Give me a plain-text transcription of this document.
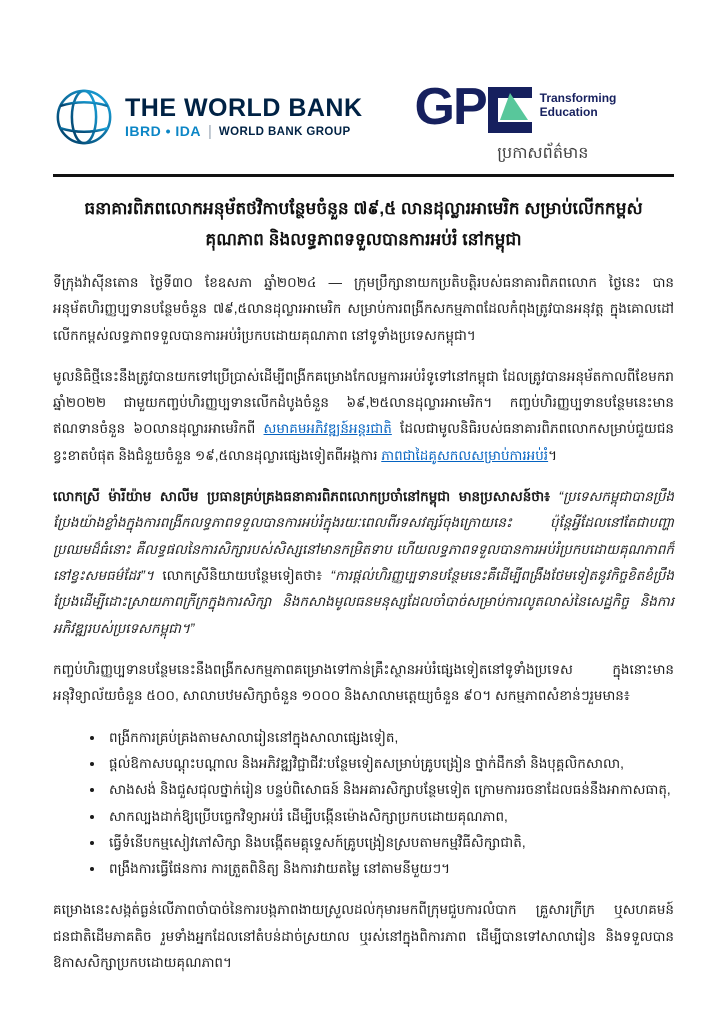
THE WORLD BANK
IBRD • IDA | WORLD BANK GROUP GP	Transforming
Education
ប្រកាសព័ត៌មាន
ធនាគារពិភពលោកអនុម័តថវិកាបន្ថែមចំនួន ៧៩,៥ លានដុល្លារអាមេរិក សម្រាប់លើកកម្ពស់គុណភាព និងលទ្ធភាពទទួលបានការអប់រំ នៅកម្ពុជា

ទីក្រុងវ៉ាស៊ីនតោន ថ្ងៃទី៣០ ខែឧសភា ឆ្នាំ២០២៤ — ក្រុមប្រឹក្សានាយកប្រតិបត្តិរបស់ធនាគារពិភពលោក ថ្ងៃនេះ បានអនុម័តហិរញ្ញប្បទានបន្ថែមចំនួន ៧៩,៥លានដុល្លារអាមេរិក សម្រាប់ការពង្រីកសកម្មភាពដែលកំពុងត្រូវបានអនុវត្ត ក្នុងគោលដៅលើកកម្ពស់លទ្ធភាពទទួលបានការអប់រំប្រកបដោយគុណភាព នៅទូទាំងប្រទេសកម្ពុជា។

មូលនិធិថ្មីនេះនឹងត្រូវបានយកទៅប្រើប្រាស់ដើម្បីពង្រីកគម្រោងកែលម្អការអប់រំទូទៅនៅកម្ពុជា ដែលត្រូវបានអនុម័តកាលពីខែមករា ឆ្នាំ២០២២ ជាមួយកញ្ចប់ហិរញ្ញប្បទានលើកដំបូងចំនួន ៦៩,២៥លានដុល្លារអាមេរិក។ កញ្ចប់ហិរញ្ញប្បទានបន្ថែមនេះមានឥណទានចំនួន ៦០លានដុល្លារអាមេរិកពី សមាគមអភិវឌ្ឍន៍អន្តរជាតិ ដែលជាមូលនិធិរបស់ធនាគារពិភពលោកសម្រាប់ជួយជនខ្វះខាតបំផុត និងជំនួយចំនួន ១៩,៥លានដុល្លារផ្សេងទៀតពីអង្គការ ភាពជាដៃគូសកលសម្រាប់ការអប់រំ។

លោកស្រី ម៉ារីយ៉ាម សាលីម ប្រធានគ្រប់គ្រងធនាគារពិភពលោកប្រចាំនៅកម្ពុជា មានប្រសាសន៍ថា៖ “ប្រទេសកម្ពុជាបានប្រឹងប្រែងយ៉ាងខ្លាំងក្នុងការពង្រីកលទ្ធភាពទទួលបានការអប់រំក្នុងរយៈពេលពីរទសវត្សរ៍ចុងក្រោយនេះ ប៉ុន្តែអ្វីដែលនៅតែជាបញ្ហាប្រឈមដ៏ធំនោះ គឺលទ្ធផលនៃការសិក្សារបស់សិស្សនៅមានកម្រិតទាប ហើយលទ្ធភាពទទួលបានការអប់រំប្រកបដោយគុណភាពក៏នៅខ្វះសមធម៌ដែរ”។ លោកស្រីនិយាយបន្ថែមទៀតថា៖ “ការផ្តល់ហិរញ្ញប្បទានបន្ថែមនេះគឺដើម្បីពង្រឹងថែមទៀតនូវកិច្ចខិតខំប្រឹងប្រែងដើម្បីដោះស្រាយភាពក្រីក្រក្នុងការសិក្សា និងកសាងមូលធនមនុស្សដែលចាំបាច់សម្រាប់ការលូតលាស់នៃសេដ្ឋកិច្ច និងការអភិវឌ្ឍរបស់ប្រទេសកម្ពុជា។”

កញ្ចប់ហិរញ្ញប្បទានបន្ថែមនេះនឹងពង្រីកសកម្មភាពគម្រោងទៅកាន់គ្រឹះស្ថានអប់រំផ្សេងទៀតនៅទូទាំងប្រទេស ក្នុងនោះមាន អនុវិទ្យាល័យចំនួន ៥០០, សាលាបឋមសិក្សាចំនួន ១០០០ និងសាលាមត្តេយ្យចំនួន ៩០។ សកម្មភាពសំខាន់ៗរួមមាន៖

• ពង្រីកការគ្រប់គ្រងតាមសាលារៀននៅក្នុងសាលាផ្សេងទៀត,
• ផ្តល់ឱកាសបណ្តុះបណ្តាល និងអភិវឌ្ឍវិជ្ជាជីវៈបន្ថែមទៀតសម្រាប់គ្រូបង្រៀន ថ្នាក់ដឹកនាំ និងបុគ្គលិកសាលា,
• សាងសង់ និងជួសជុលថ្នាក់រៀន បន្ទប់ពិសោធន៍ និងអគារសិក្សាបន្ថែមទៀត ក្រោមការរចនាដែលធន់នឹងអាកាសធាតុ,
• សាកល្បងដាក់ឱ្យប្រើបច្ចេកវិទ្យាអប់រំ ដើម្បីបង្កើនម៉ោងសិក្សាប្រកបដោយគុណភាព,
• ធ្វើទំនើបកម្មសៀវភៅសិក្សា និងបង្កើតមគ្គុទ្ទេសក៍គ្រូបង្រៀនស្របតាមកម្មវិធីសិក្សាជាតិ,
• ពង្រឹងការធ្វើផែនការ ការត្រួតពិនិត្យ និងការវាយតម្លៃ នៅតាមនីមួយៗ។

គម្រោងនេះសង្កត់ធ្ងន់លើភាពចាំបាច់នៃការបង្កភាពងាយស្រួលដល់កុមារមកពីក្រុមជួបការលំបាក គ្រួសារក្រីក្រ ឬសហគមន៍ជនជាតិដើមភាគតិច រួមទាំងអ្នកដែលនៅតំបន់ដាច់ស្រយាល ឬរស់នៅក្នុងពិការភាព ដើម្បីបានទៅសាលារៀន និងទទួលបានឱកាសសិក្សាប្រកបដោយគុណភាព។
